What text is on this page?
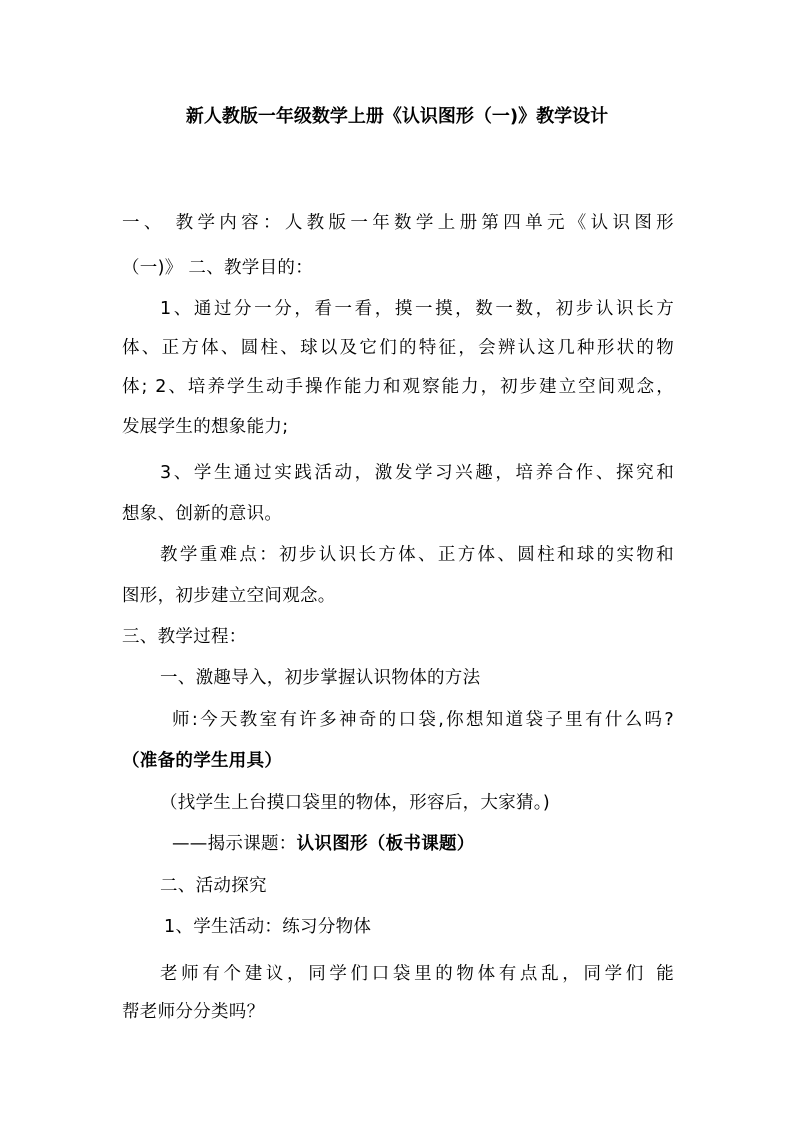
新人教版一年级数学上册《认识图形（一)》教学设计
一、 教学内容：人教版一年数学上册第四单元《认识图形
（一)》 二、教学目的：
1、通过分一分，看一看，摸一摸，数一数，初步认识长方
体、正方体、圆柱、球以及它们的特征，会辨认这几种形状的物
体; 2、培养学生动手操作能力和观察能力，初步建立空间观念，
发展学生的想象能力;
3、学生通过实践活动，激发学习兴趣，培养合作、探究和
想象、创新的意识。
教学重难点：初步认识长方体、正方体、圆柱和球的实物和
图形，初步建立空间观念。
三、教学过程：
一、激趣导入，初步掌握认识物体的方法
师:今天教室有许多神奇的口袋,你想知道袋子里有什么吗?
（准备的学生用具）
（找学生上台摸口袋里的物体，形容后，大家猜。)
——揭示课题：认识图形（板书课题）
二、活动探究
1、学生活动：练习分物体
老师有个建议，同学们口袋里的物体有点乱，同学们 能
帮老师分分类吗？
